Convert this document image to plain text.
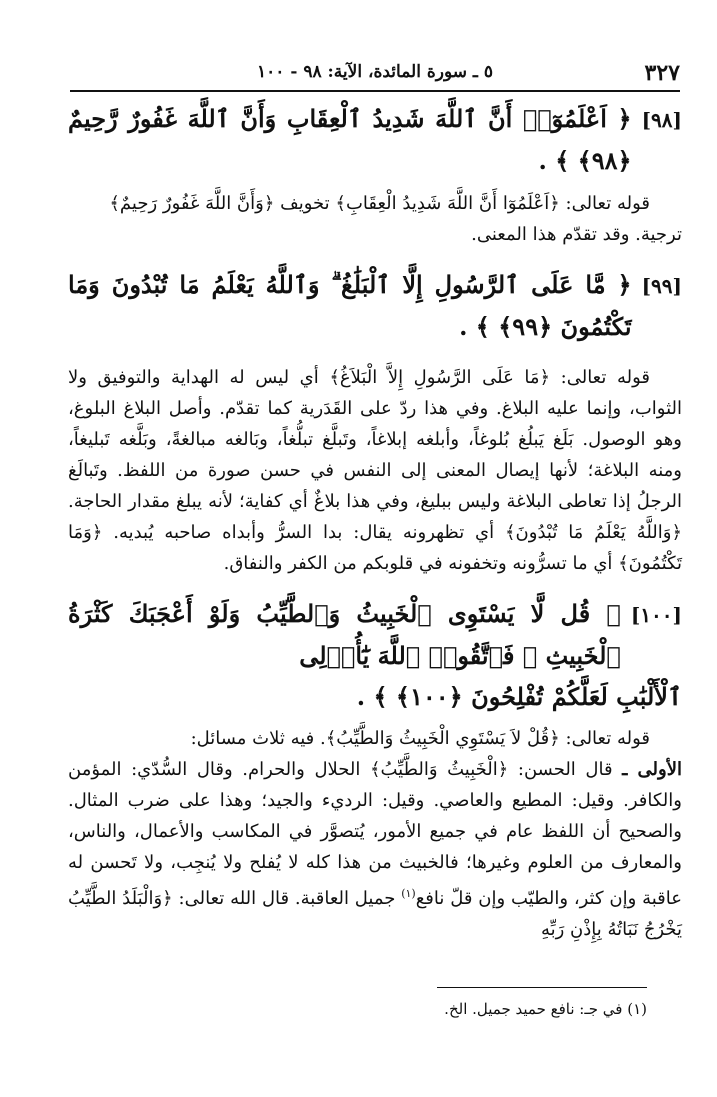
٣٢٧
٥ ـ سورة المائدة، الآية: ٩٨ - ١٠٠
[٩٨]
﴿ اَعْلَمُوٓا۟ أَنَّ ٱللَّهَ شَدِيدُ ٱلْعِقَابِ وَأَنَّ ٱللَّهَ غَفُورٌ رَّحِيمٌ ﴿٩٨﴾ ﴾ .

قوله تعالى: ﴿اَعْلَمُوٓا أَنَّ اللَّهَ شَدِيدُ الْعِقَابِ﴾ تخويف ﴿وَأَنَّ اللَّهَ غَفُورٌ رَحِيمٌ﴾

ترجية. وقد تقدّم هذا المعنى.

[٩٩]
﴿ مَّا عَلَى ٱلرَّسُولِ إِلَّا ٱلْبَلَٰغُ ۗ وَٱللَّهُ يَعْلَمُ مَا تُبْدُونَ وَمَا تَكْتُمُونَ ﴿٩٩﴾ ﴾ .

قوله تعالى: ﴿مَا عَلَى الرَّسُولِ إِلاَّ الْبَلاَغُ﴾ أي ليس له الهداية والتوفيق ولا الثواب، وإنما عليه البلاغ. وفي هذا ردّ على القَدَرية كما تقدّم. وأصل البلاغ البلوغ، وهو الوصول. بَلَغ يَبلُغ بُلوغاً، وأبلغه إبلاغاً، وتَبلَّغ تبلُّغاً، وبَالغه مبالغةً، وبَلَّغه تَبليغاً، ومنه البلاغة؛ لأنها إيصال المعنى إلى النفس في حسن صورة من اللفظ. وتَبالَغ الرجلُ إذا تعاطى البلاغة وليس ببليغ، وفي هذا بلاغٌ أي كفاية؛ لأنه يبلغ مقدار الحاجة. ﴿وَاللَّهُ يَعْلَمُ مَا تُبْدُونَ﴾ أي تظهرونه يقال: بدا السرُّ وأبداه صاحبه يُبديه. ﴿وَمَا تَكْتُمُونَ﴾ أي ما تسرُّونه وتخفونه في قلوبكم من الكفر والنفاق.

[١٠٠]
﴿ قُل لَّا يَسْتَوِى ٱلْخَبِيثُ وَٱلطَّيِّبُ وَلَوْ أَعْجَبَكَ كَثْرَةُ ٱلْخَبِيثِ ۚ فَٱتَّقُوا۟ ٱللَّهَ يَٰٓأُو۟لِى

ٱلْأَلْبَٰبِ لَعَلَّكُمْ تُفْلِحُونَ ﴿١٠٠﴾ ﴾ .

قوله تعالى: ﴿قُلْ لاَ يَسْتَوِي الْخَبِيثُ وَالطَّيِّبُ﴾. فيه ثلاث مسائل:

الأولى ـ قال الحسن: ﴿الْخَبِيثُ وَالطَّيِّبُ﴾ الحلال والحرام. وقال السُّدّي: المؤمن والكافر. وقيل: المطيع والعاصي. وقيل: الرديء والجيد؛ وهذا على ضرب المثال. والصحيح أن اللفظ عام في جميع الأمور، يُتصوَّر في المكاسب والأعمال، والناس، والمعارف من العلوم وغيرها؛ فالخبيث من هذا كله لا يُفلح ولا يُنجِب، ولا تَحسن له عاقبة وإن كثر، والطيّب وإن قلّ نافع$^{(١)}$ جميل العاقبة. قال الله تعالى: ﴿وَالْبَلَدُ الطَّيِّبُ يَخْرُجُ نَبَاتُهُ بِإِذْنِ رَبِّهِ

(١) في جـ: نافع حميد جميل. الخ.
